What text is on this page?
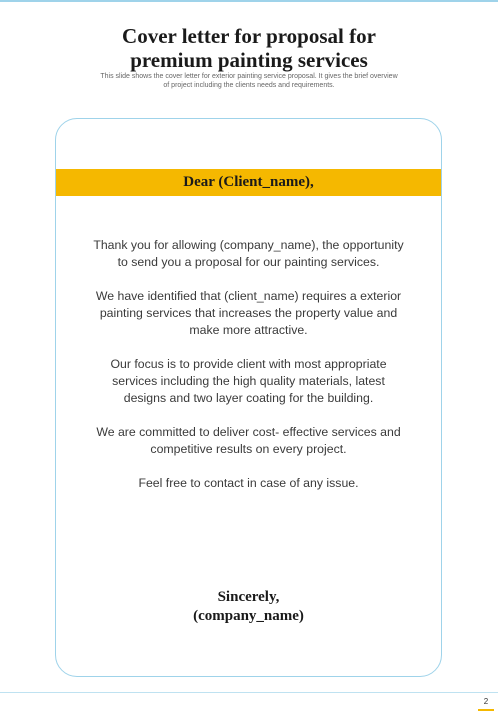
Cover letter for proposal for
premium painting services
This slide shows the cover letter for exterior painting service proposal. It gives the brief overview
of project including the clients needs and requirements.
Dear (Client_name),

Thank you for allowing (company_name), the opportunity
to send you a proposal for our painting services.

We have identified that (client_name) requires a exterior
painting services that increases the property value and
make more attractive.

Our focus is to provide client with most appropriate
services including the high quality materials, latest
designs and two layer coating for the building.

We are committed to deliver cost- effective services and
competitive results on every project.

Feel free to contact in case of any issue.

Sincerely,
(company_name)
2
